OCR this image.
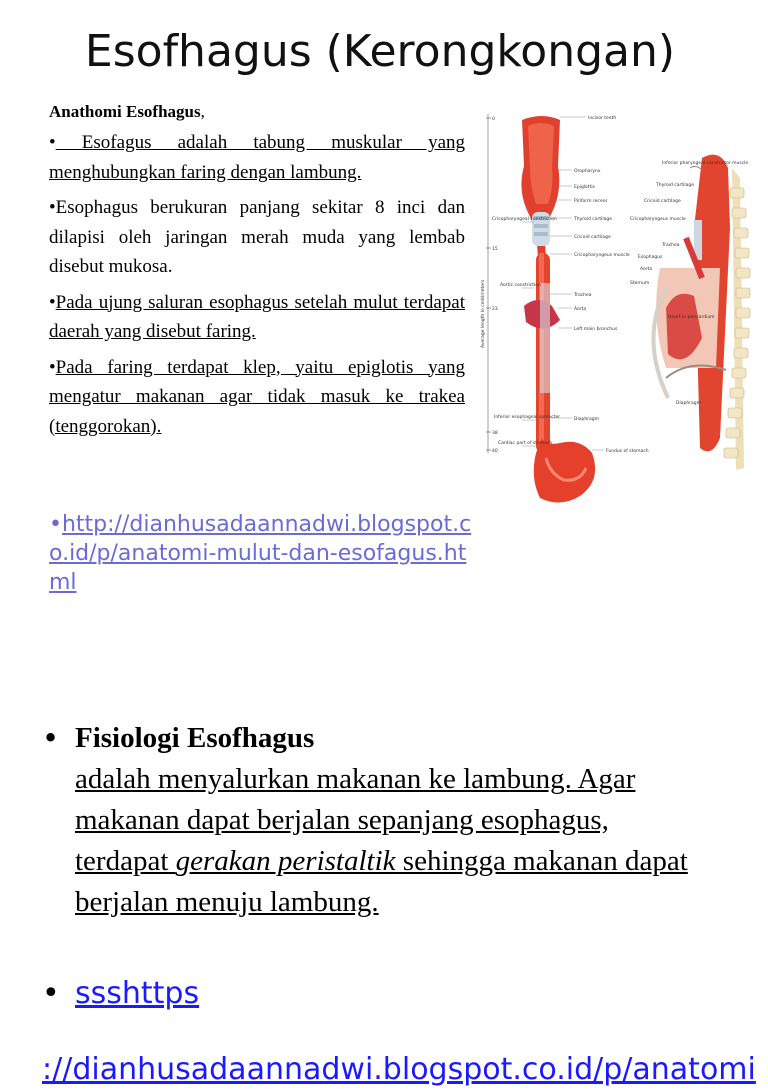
Esofhagus (Kerongkongan)
Anathomi Esofhagus,

• Esofagus adalah tabung muskular yang menghubungkan faring dengan lambung.

•Esophagus berukuran panjang sekitar 8 inci dan dilapisi oleh jaringan merah muda yang lembab disebut mukosa.

•Pada ujung saluran esophagus setelah mulut terdapat daerah yang disebut faring.

•Pada faring terdapat klep, yaitu epiglotis yang mengatur makanan agar tidak masuk ke trakea (tenggorokan).

•http://dianhusadaannadwi.blogspot.co.id/p/anatomi-mulut-dan-esofagus.html
0
15
23
38
40
Average length in centimeters
Incisor teeth
Oropharynx
Epiglottis
Piriform recess
Thyroid cartilage
Cricopharyngeal constriction
Cricoid cartilage
Cricopharyngeus muscle
Aortic constriction
Trachea
Aorta
Left main bronchus
Diaphragm
Inferior esophageal sphincter
Cardiac part of stomach
Fundus of stomach
Inferior pharyngeal constrictor muscle
Thyroid cartilage
Cricoid cartilage
Cricopharyngeus muscle
Trachea
Esophagus
Aorta
Sternum
Heart in pericardium
Diaphragm
• Fisiologi Esofhagus
adalah menyalurkan makanan ke lambung. Agar makanan dapat berjalan sepanjang esophagus, terdapat gerakan peristaltik sehingga makanan dapat berjalan menuju lambung.
• ssshttps
://dianhusadaannadwi.blogspot.co.id/p/anatomi
